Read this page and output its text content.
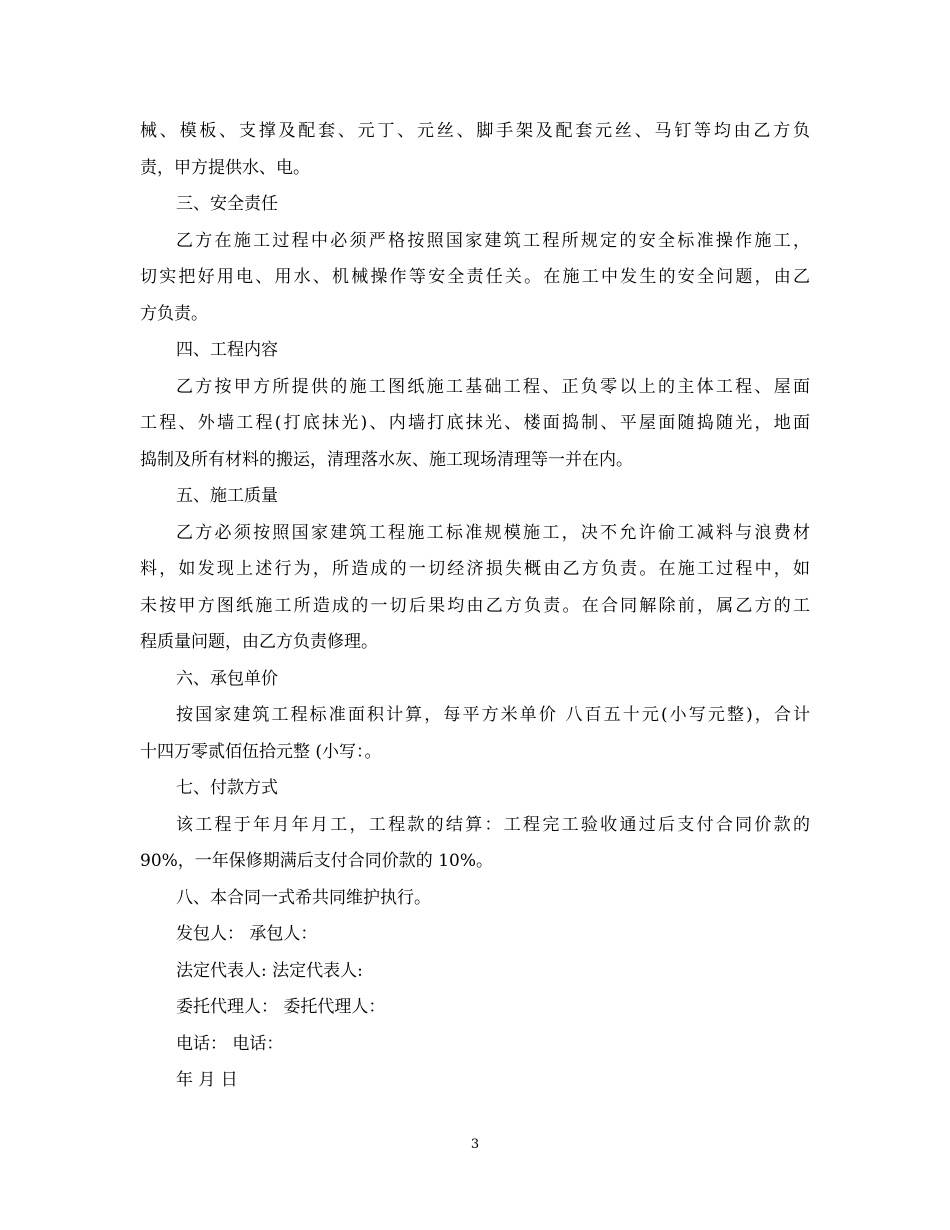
械、模板、支撑及配套、元丁、元丝、脚手架及配套元丝、马钉等均由乙方负
责，甲方提供水、电。
三、安全责任
乙方在施工过程中必须严格按照国家建筑工程所规定的安全标准操作施工，
切实把好用电、用水、机械操作等安全责任关。在施工中发生的安全问题，由乙
方负责。
四、工程内容
乙方按甲方所提供的施工图纸施工基础工程、正负零以上的主体工程、屋面
工程、外墙工程(打底抹光)、内墙打底抹光、楼面捣制、平屋面随捣随光，地面
捣制及所有材料的搬运，清理落水灰、施工现场清理等一并在内。
五、施工质量
乙方必须按照国家建筑工程施工标准规模施工，决不允许偷工减料与浪费材
料，如发现上述行为，所造成的一切经济损失概由乙方负责。在施工过程中，如
未按甲方图纸施工所造成的一切后果均由乙方负责。在合同解除前，属乙方的工
程质量问题，由乙方负责修理。
六、承包单价
按国家建筑工程标准面积计算，每平方米单价 八百五十元(小写元整)，合计
十四万零贰佰伍拾元整 (小写：。
七、付款方式
该工程于年月年月工，工程款的结算：工程完工验收通过后支付合同价款的
90%，一年保修期满后支付合同价款的 10%。
八、本合同一式希共同维护执行。
发包人： 承包人：
法定代表人: 法定代表人:
委托代理人： 委托代理人：
电话： 电话：
年 月 日
3
